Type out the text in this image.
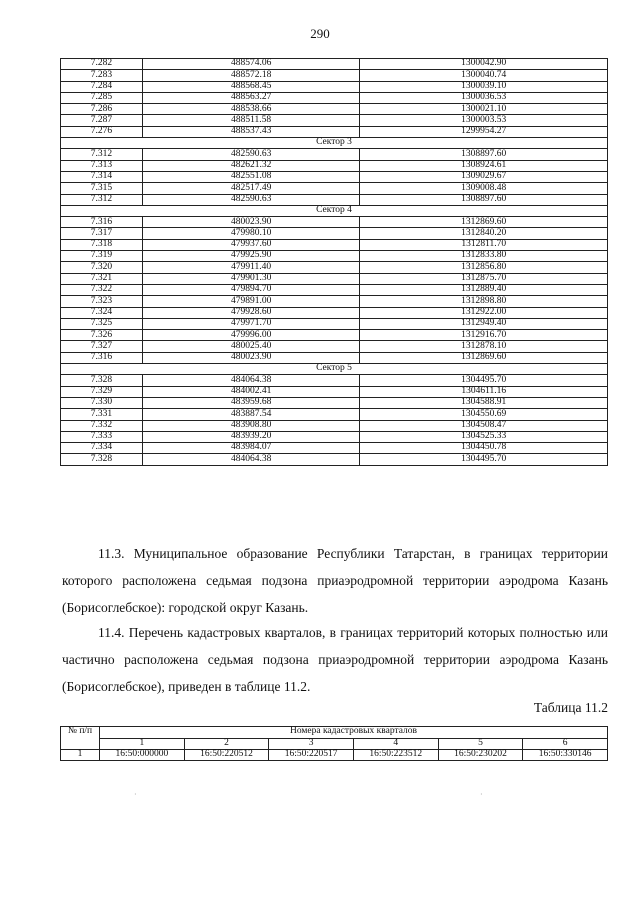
290
7.282	488574.06	1300042.90
7.283	488572.18	1300040.74
7.284	488568.45	1300039.10
7.285	488563.27	1300036.53
7.286	488538.66	1300021.10
7.287	488511.58	1300003.53
7.276	488537.43	1299954.27
Сектор 3		
7.312	482590.63	1308897.60
7.313	482621.32	1308924.61
7.314	482551.08	1309029.67
7.315	482517.49	1309008.48
7.312	482590.63	1308897.60
Сектор 4		
7.316	480023.90	1312869.60
7.317	479980.10	1312840.20
7.318	479937.60	1312811.70
7.319	479925.90	1312833.80
7.320	479911.40	1312856.80
7.321	479901.30	1312875.70
7.322	479894.70	1312889.40
7.323	479891.00	1312898.80
7.324	479928.60	1312922.00
7.325	479971.70	1312949.40
7.326	479996.00	1312916.70
7.327	480025.40	1312878.10
7.316	480023.90	1312869.60
Сектор 5		
7.328	484064.38	1304495.70
7.329	484002.41	1304611.16
7.330	483959.68	1304588.91
7.331	483887.54	1304550.69
7.332	483908.80	1304508.47
7.333	483939.20	1304525.33
7.334	483984.07	1304450.78
7.328	484064.38	1304495.70

11.3. Муниципальное образование Республики Татарстан, в границах территории которого расположена седьмая подзона приаэродромной территории аэродрома Казань (Борисоглебское): городской округ Казань.

11.4. Перечень кадастровых кварталов, в границах территорий которых полностью или частично расположена седьмая подзона приаэродромной территории аэродрома Казань (Борисоглебское), приведен в таблице 11.2.

Таблица 11.2
№ п/п	Номера кадастровых кварталов					
	1	2	3	4	5	6
1	16:50:000000	16:50:220512	16:50:220517	16:50:223512	16:50:230202	16:50:330146
·	·
